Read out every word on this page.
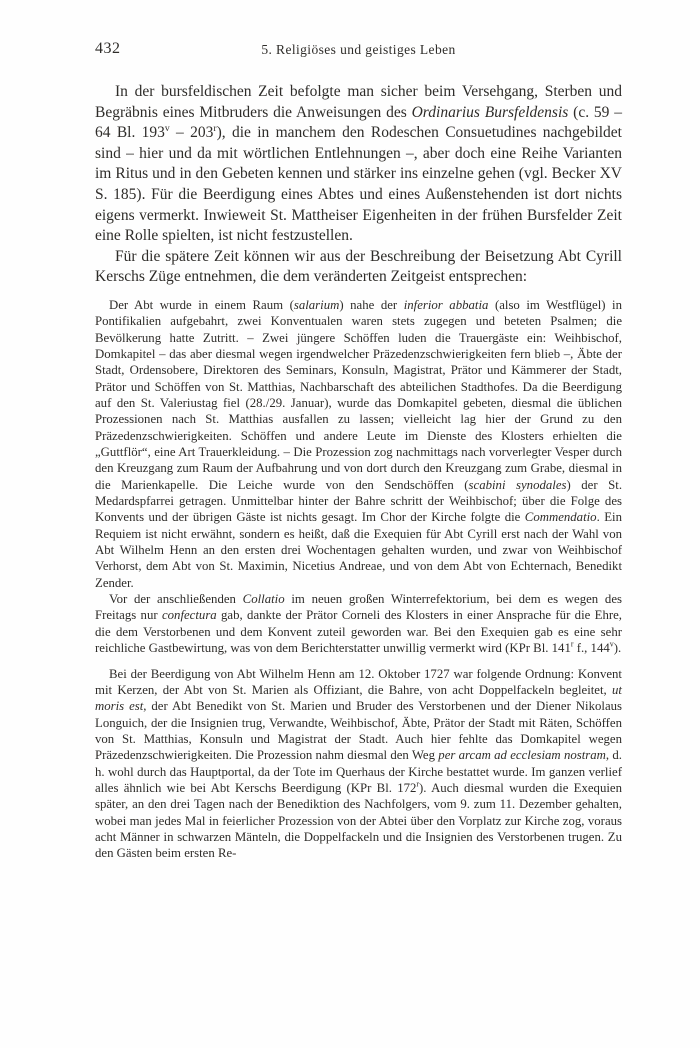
432	5. Religiöses und geistiges Leben

In der bursfeldischen Zeit befolgte man sicher beim Versehgang, Sterben und Begräbnis eines Mitbruders die Anweisungen des Ordinarius Bursfeldensis (c. 59 – 64 Bl. 193$^v$ – 203$^r$), die in manchem den Rodeschen Consuetudines nachgebildet sind – hier und da mit wörtlichen Entlehnungen –, aber doch eine Reihe Varianten im Ritus und in den Gebeten kennen und stärker ins einzelne gehen (vgl. Becker XV S. 185). Für die Beerdigung eines Abtes und eines Außenstehenden ist dort nichts eigens vermerkt. Inwieweit St. Mattheiser Eigenheiten in der frühen Bursfelder Zeit eine Rolle spielten, ist nicht festzustellen.

Für die spätere Zeit können wir aus der Beschreibung der Beisetzung Abt Cyrill Kerschs Züge entnehmen, die dem veränderten Zeitgeist entsprechen:

Der Abt wurde in einem Raum (salarium) nahe der inferior abbatia (also im Westflügel) in Pontifikalien aufgebahrt, zwei Konventualen waren stets zugegen und beteten Psalmen; die Bevölkerung hatte Zutritt. – Zwei jüngere Schöffen luden die Trauergäste ein: Weihbischof, Domkapitel – das aber diesmal wegen irgendwelcher Präzedenzschwierigkeiten fern blieb –, Äbte der Stadt, Ordensobere, Direktoren des Seminars, Konsuln, Magistrat, Prätor und Kämmerer der Stadt, Prätor und Schöffen von St. Matthias, Nachbarschaft des abteilichen Stadthofes. Da die Beerdigung auf den St. Valeriustag fiel (28./29. Januar), wurde das Domkapitel gebeten, diesmal die üblichen Prozessionen nach St. Matthias ausfallen zu lassen; vielleicht lag hier der Grund zu den Präzedenzschwierigkeiten. Schöffen und andere Leute im Dienste des Klosters erhielten die „Guttflör“, eine Art Trauerkleidung. – Die Prozession zog nachmittags nach vorverlegter Vesper durch den Kreuzgang zum Raum der Aufbahrung und von dort durch den Kreuzgang zum Grabe, diesmal in die Marienkapelle. Die Leiche wurde von den Sendschöffen (scabini synodales) der St. Medardspfarrei getragen. Unmittelbar hinter der Bahre schritt der Weihbischof; über die Folge des Konvents und der übrigen Gäste ist nichts gesagt. Im Chor der Kirche folgte die Commendatio. Ein Requiem ist nicht erwähnt, sondern es heißt, daß die Exequien für Abt Cyrill erst nach der Wahl von Abt Wilhelm Henn an den ersten drei Wochentagen gehalten wurden, und zwar von Weihbischof Verhorst, dem Abt von St. Maximin, Nicetius Andreae, und von dem Abt von Echternach, Benedikt Zender.

Vor der anschließenden Collatio im neuen großen Winterrefektorium, bei dem es wegen des Freitags nur confectura gab, dankte der Prätor Corneli des Klosters in einer Ansprache für die Ehre, die dem Verstorbenen und dem Konvent zuteil geworden war. Bei den Exequien gab es eine sehr reichliche Gastbewirtung, was von dem Berichterstatter unwillig vermerkt wird (KPr Bl. 141$^r$ f., 144$^v$).

Bei der Beerdigung von Abt Wilhelm Henn am 12. Oktober 1727 war folgende Ordnung: Konvent mit Kerzen, der Abt von St. Marien als Offiziant, die Bahre, von acht Doppelfackeln begleitet, ut moris est, der Abt Benedikt von St. Marien und Bruder des Verstorbenen und der Diener Nikolaus Longuich, der die Insignien trug, Verwandte, Weihbischof, Äbte, Prätor der Stadt mit Räten, Schöffen von St. Matthias, Konsuln und Magistrat der Stadt. Auch hier fehlte das Domkapitel wegen Präzedenzschwierigkeiten. Die Prozession nahm diesmal den Weg per arcam ad ecclesiam nostram, d. h. wohl durch das Hauptportal, da der Tote im Querhaus der Kirche bestattet wurde. Im ganzen verlief alles ähnlich wie bei Abt Kerschs Beerdigung (KPr Bl. 172$^r$). Auch diesmal wurden die Exequien später, an den drei Tagen nach der Benediktion des Nachfolgers, vom 9. zum 11. Dezember gehalten, wobei man jedes Mal in feierlicher Prozession von der Abtei über den Vorplatz zur Kirche zog, voraus acht Männer in schwarzen Mänteln, die Doppelfackeln und die Insignien des Verstorbenen trugen. Zu den Gästen beim ersten Re-
